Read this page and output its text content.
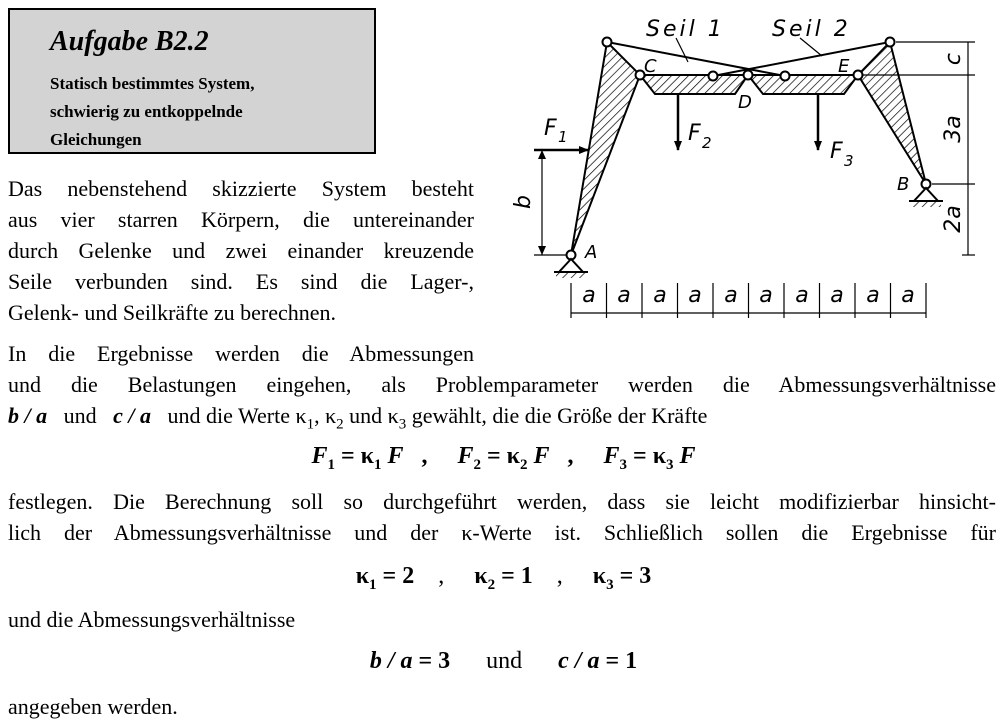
Aufgabe B2.2
Statisch bestimmtes System,
schwierig zu entkoppelnde
Gleichungen
Das nebenstehend skizzierte System besteht
aus vier starren Körpern, die untereinander
durch Gelenke und zwei einander kreuzende
Seile verbunden sind. Es sind die Lager-,
Gelenk- und Seilkräfte zu berechnen.
In die Ergebnisse werden die Abmessungen
und die Belastungen eingehen, als Problemparameter werden die Abmessungsverhältnisse
b / a und c / a und die Werte $\kappa_1$, $\kappa_2$ und $\kappa_3$ gewählt, die die Größe der Kräfte
$F_1 = \kappa_1$ F   ,     $F_2 = \kappa_2$ F   ,     $F_3 = \kappa_3$ F
festlegen. Die Berechnung soll so durchgeführt werden, dass sie leicht modifizierbar hinsicht-
lich der Abmessungsverhältnisse und der κ-Werte ist. Schließlich sollen die Ergebnisse für
$\kappa_1 = 2$    ,     $\kappa_2 = 1$    ,     $\kappa_3 = 3$
und die Abmessungsverhältnisse
b / a = 3 und c / a = 1
angegeben werden.
a a a a a a a a a a
Seil 1 Seil 2
C
D
E
A
B
F 1	F 2	F 3
b
c
3a
2a
